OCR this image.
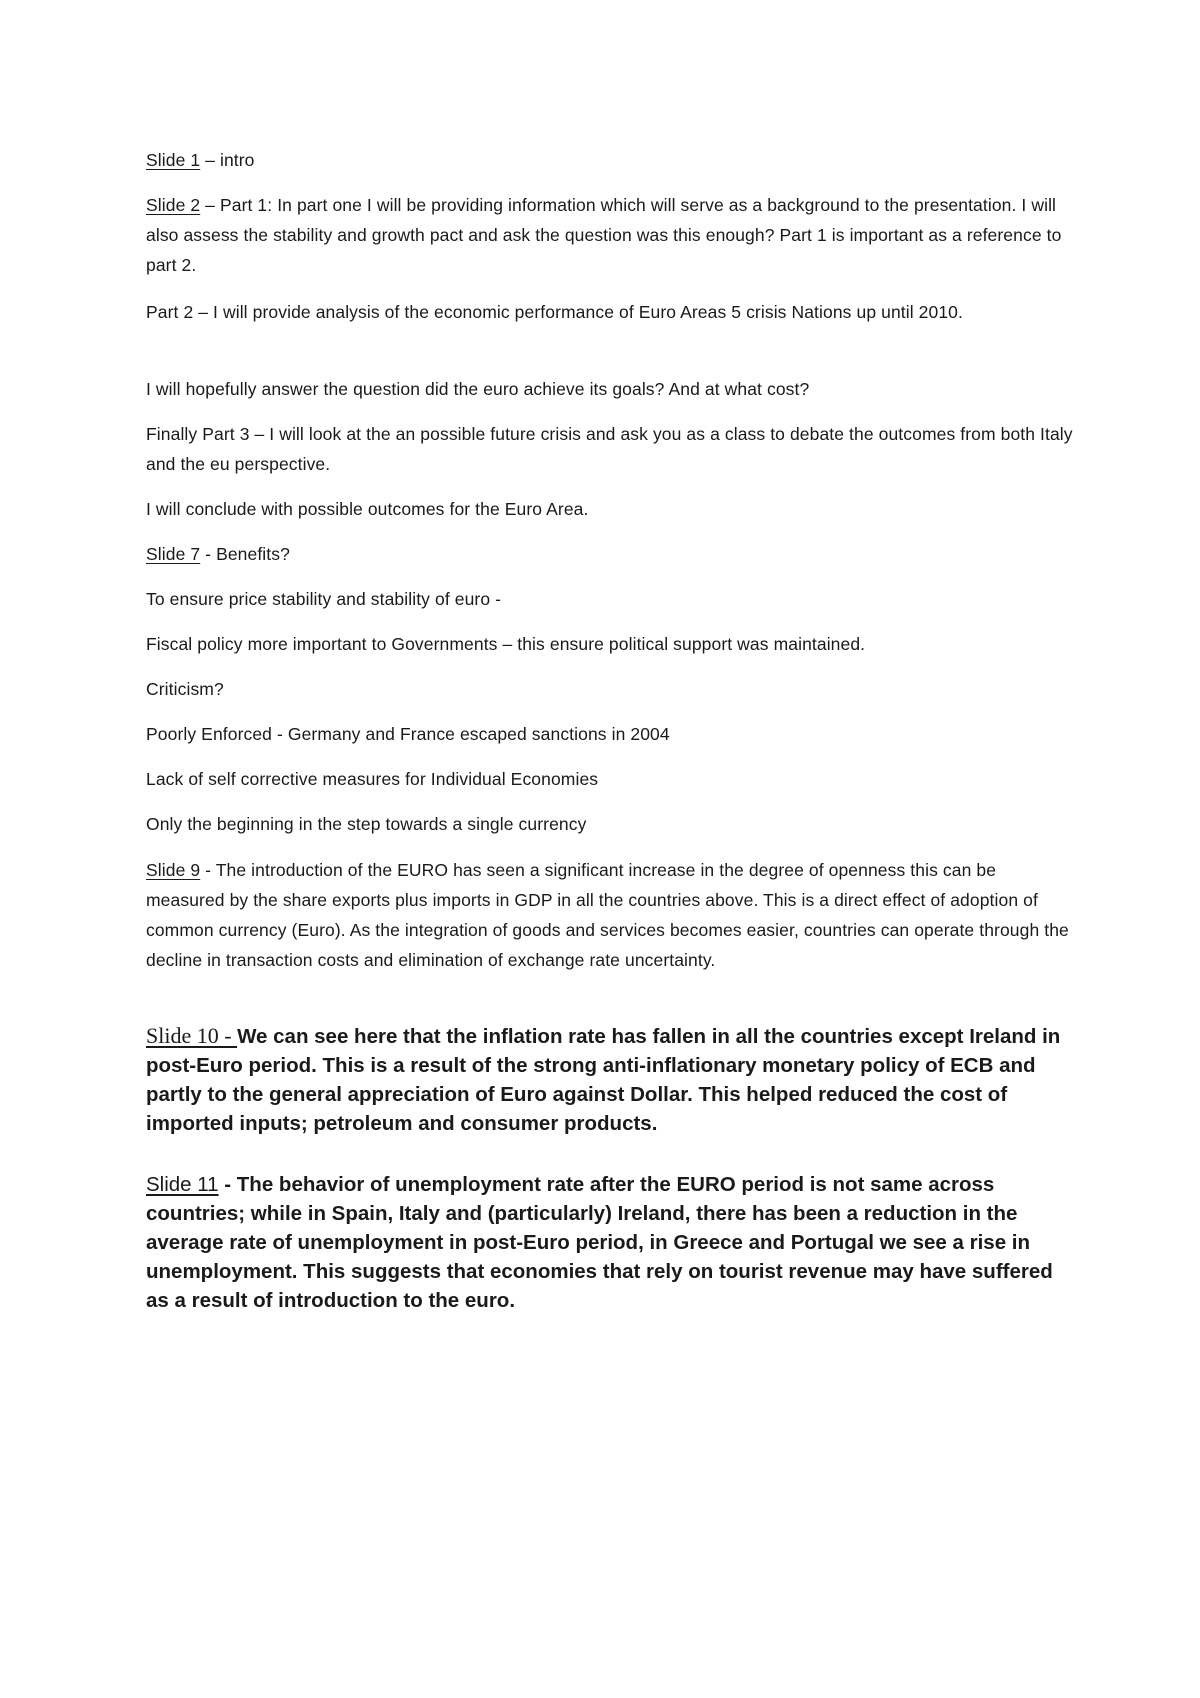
Slide 1 – intro

Slide 2 – Part 1: In part one I will be providing information which will serve as a background to the presentation. I will also assess the stability and growth pact and ask the question was this enough? Part 1 is important as a reference to part 2.

Part 2 – I will provide analysis of the economic performance of Euro Areas 5 crisis Nations up until 2010.

I will hopefully answer the question did the euro achieve its goals? And at what cost?

Finally Part 3 – I will look at the an possible future crisis and ask you as a class to debate the outcomes from both Italy and the eu perspective.

I will conclude with possible outcomes for the Euro Area.

Slide 7 - Benefits?

To ensure price stability and stability of euro -

Fiscal policy more important to Governments – this ensure political support was maintained.

Criticism?

Poorly Enforced - Germany and France escaped sanctions in 2004

Lack of self corrective measures for Individual Economies

Only the beginning in the step towards a single currency

Slide 9 - The introduction of the EURO has seen a significant increase in the degree of openness this can be measured by the share exports plus imports in GDP in all the countries above. This is a direct effect of adoption of common currency (Euro). As the integration of goods and services becomes easier, countries can operate through the decline in transaction costs and elimination of exchange rate uncertainty.

Slide 10 - We can see here that the inflation rate has fallen in all the countries except Ireland in post-Euro period. This is a result of the strong anti-inflationary monetary policy of ECB and partly to the general appreciation of Euro against Dollar. This helped reduced the cost of imported inputs; petroleum and consumer products.

Slide 11 - The behavior of unemployment rate after the EURO period is not same across countries; while in Spain, Italy and (particularly) Ireland, there has been a reduction in the average rate of unemployment in post-Euro period, in Greece and Portugal we see a rise in unemployment. This suggests that economies that rely on tourist revenue may have suffered as a result of introduction to the euro.
